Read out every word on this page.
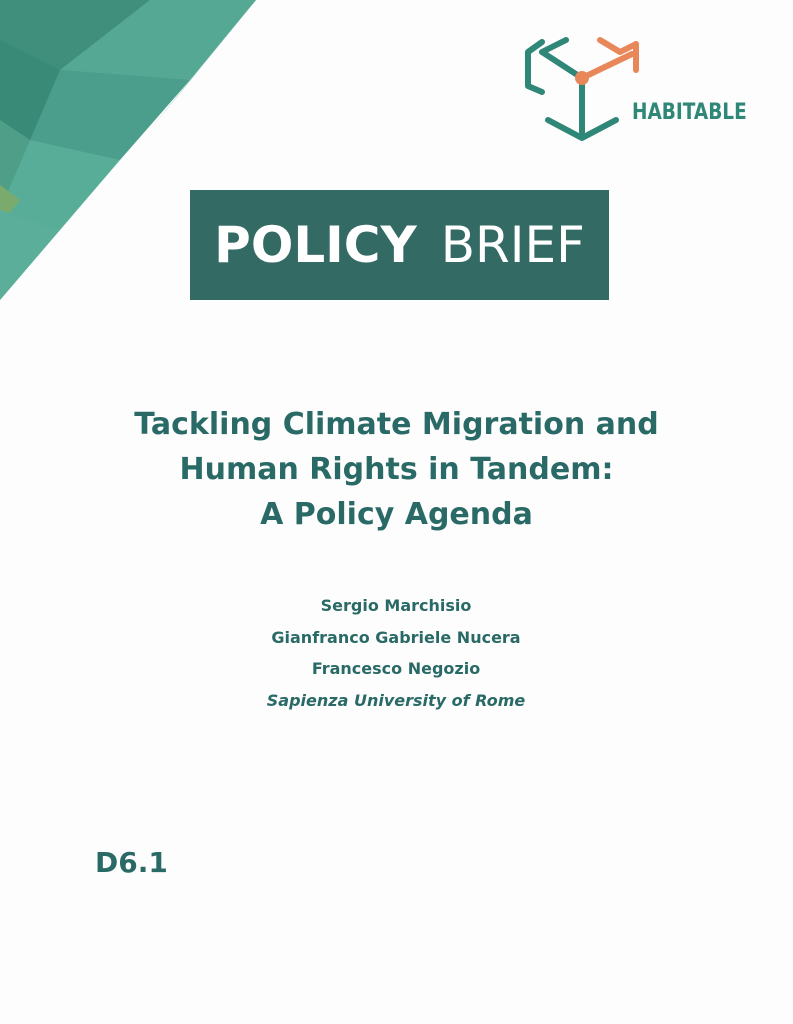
HABITABLE
POLICY BRIEF
Tackling Climate Migration and
Human Rights in Tandem:
A Policy Agenda
Sergio Marchisio
Gianfranco Gabriele Nucera
Francesco Negozio
Sapienza University of Rome
D6.1
